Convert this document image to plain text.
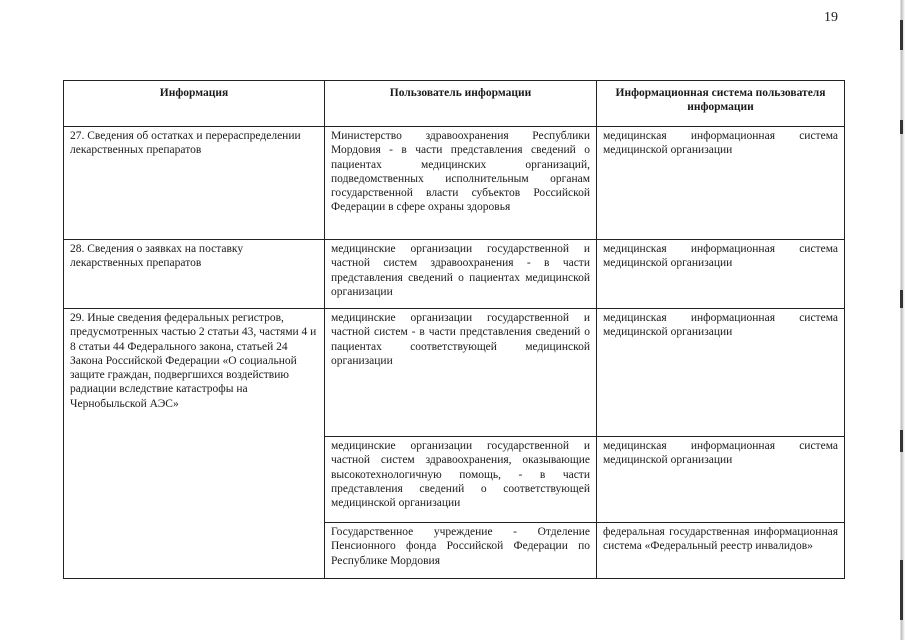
19
Информация	Пользователь информации	Информационная система пользователя информации
27. Сведения об остатках и перераспределении лекарственных препаратов	Министерство здравоохранения Республики Мордовия - в части представления сведений о пациентах медицинских организаций, подведомственных исполнительным органам государственной власти субъектов Российской Федерации в сфере охраны здоровья	медицинская информационная система медицинской организации
28. Сведения о заявках на поставку лекарственных препаратов	медицинские организации государственной и частной систем здравоохранения - в части представления сведений о пациентах медицинской организации	медицинская информационная система медицинской организации
29. Иные сведения федеральных регистров, предусмотренных частью 2 статьи 43, частями 4 и 8 статьи 44 Федерального закона, статьей 24 Закона Российской Федерации «О социальной защите граждан, подвергшихся воздействию радиации вследствие катастрофы на Чернобыльской АЭС»	медицинские организации государственной и частной систем - в части представления сведений о пациентах соответствующей медицинской организации	медицинская информационная система медицинской организации
	медицинские организации государственной и частной систем здравоохранения, оказывающие высокотехнологичную помощь, - в части представления сведений о соответствующей медицинской организации	медицинская информационная система медицинской организации
	Государственное учреждение - Отделение Пенсионного фонда Российской Федерации по Республике Мордовия	федеральная государственная информационная система «Федеральный реестр инвалидов»
